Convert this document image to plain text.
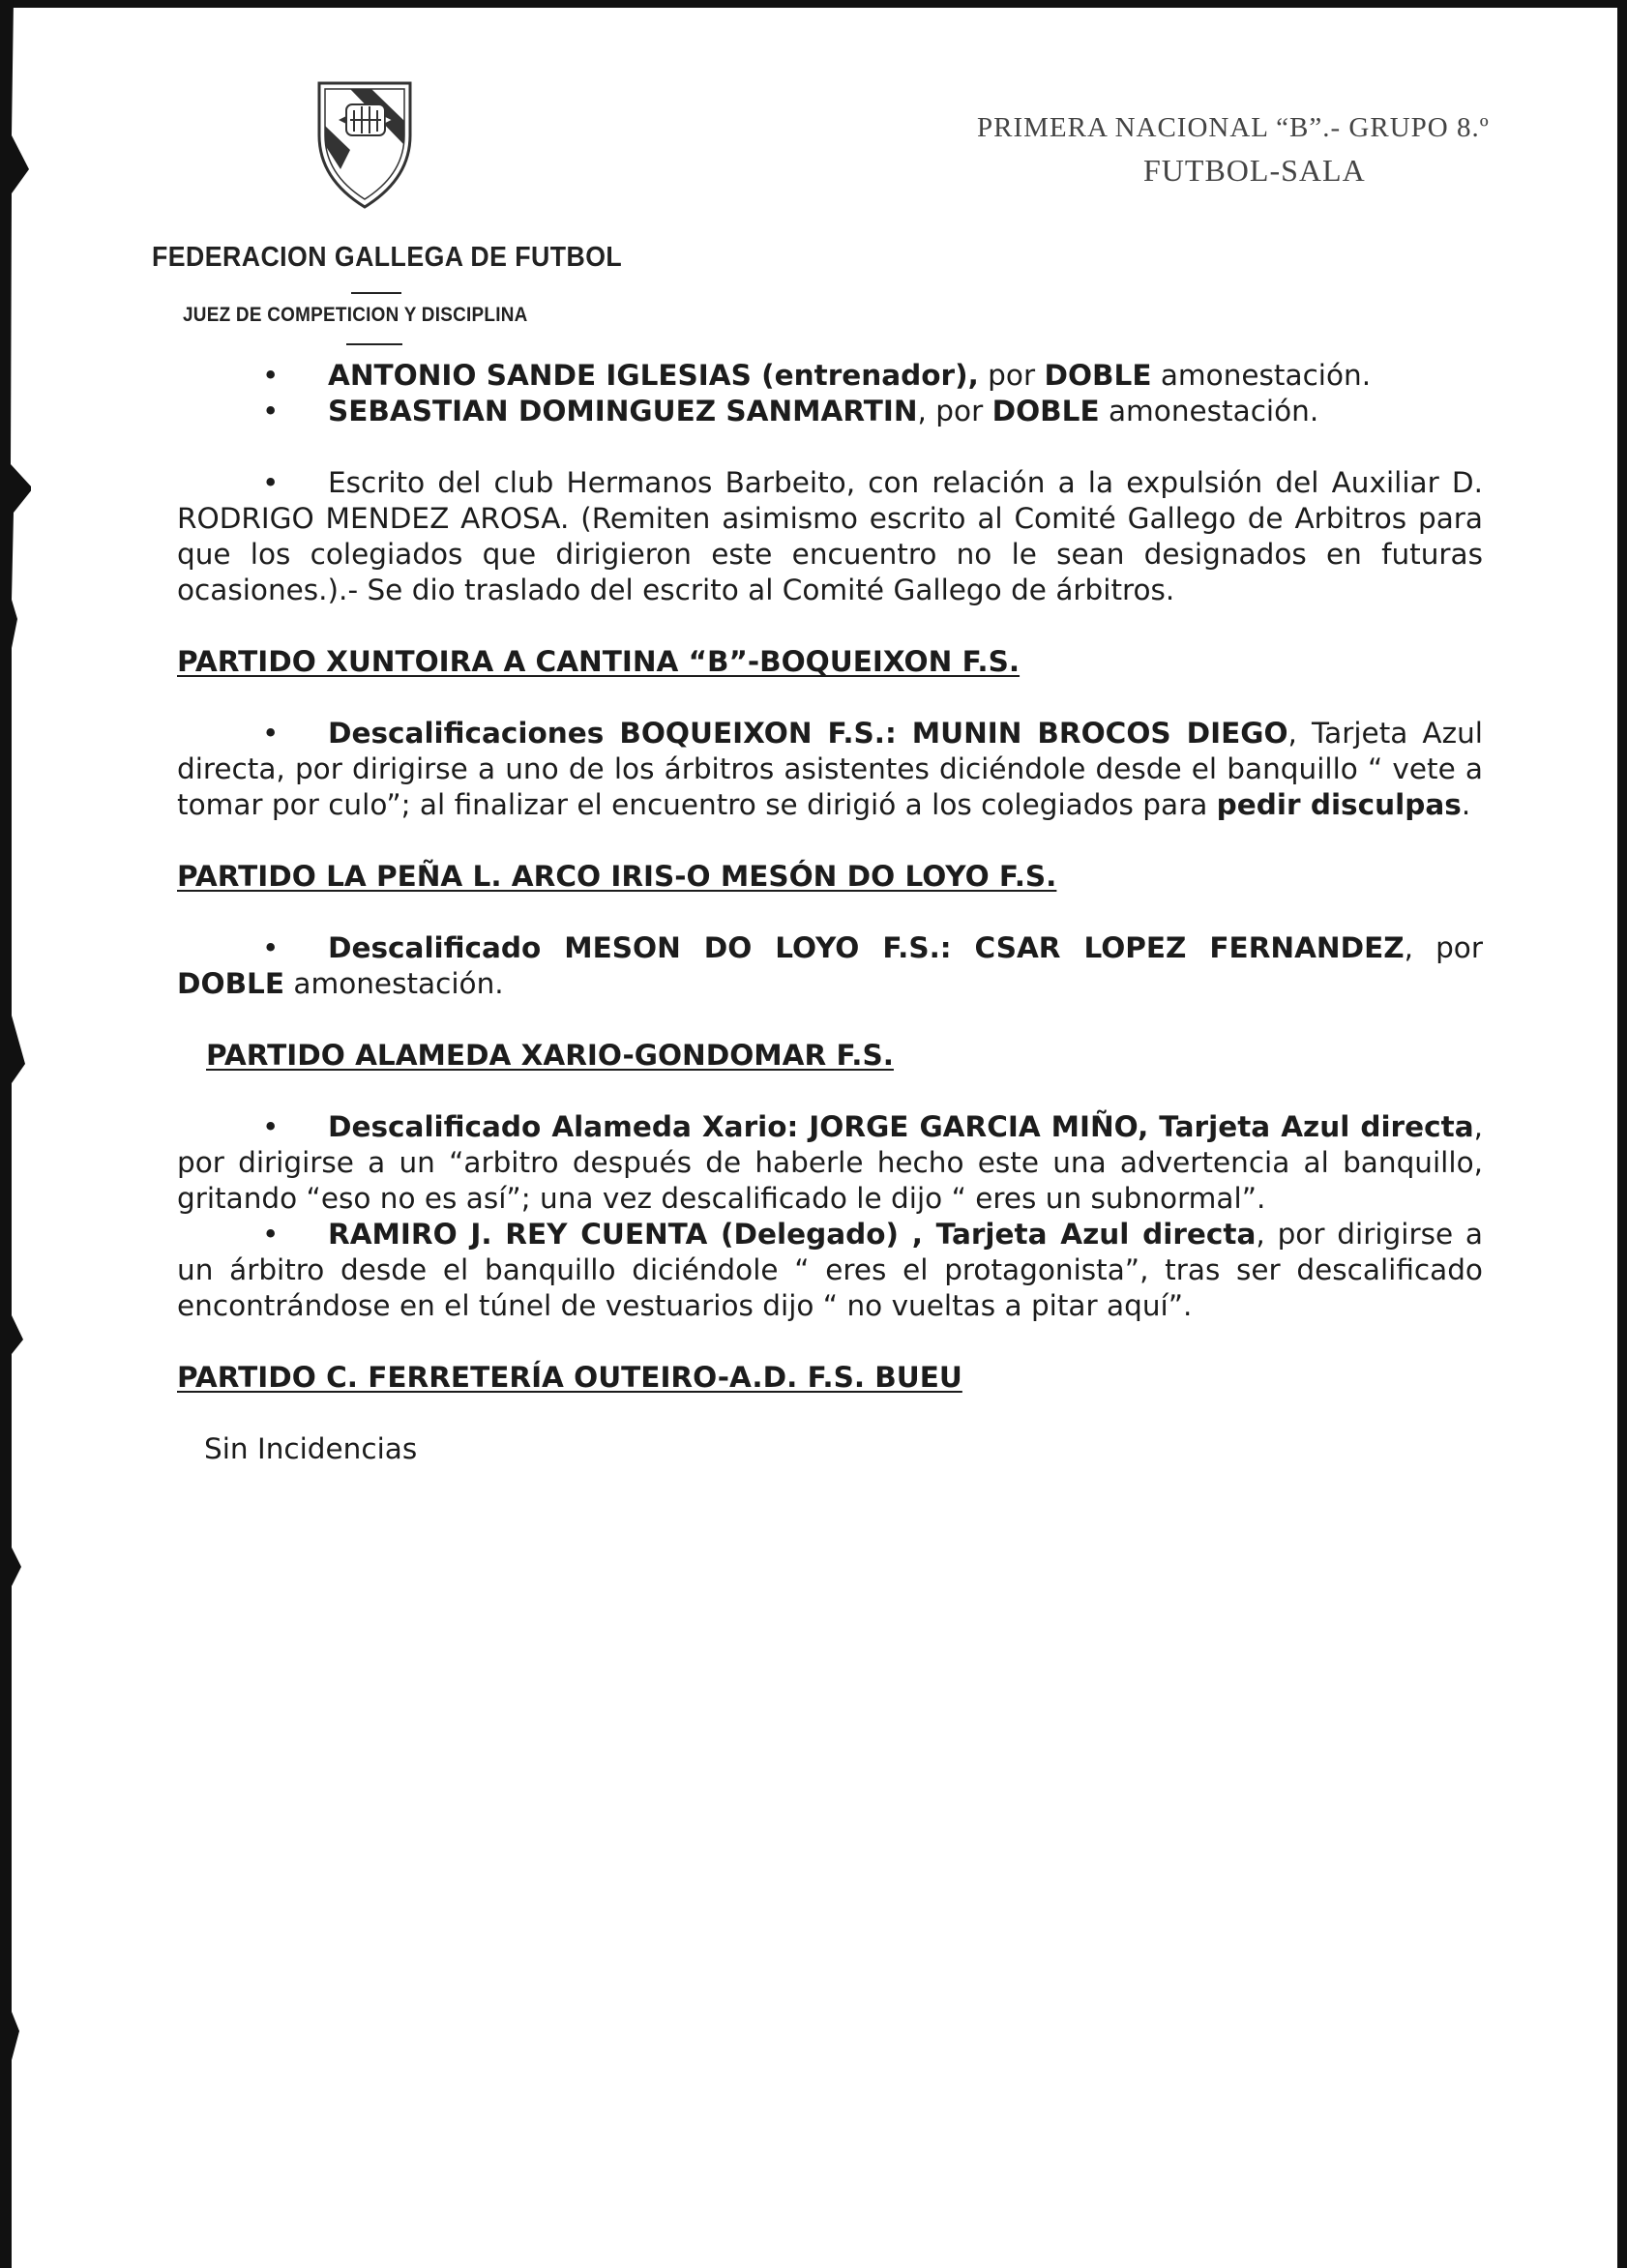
FEDERACION GALLEGA DE FUTBOL
JUEZ DE COMPETICION Y DISCIPLINA
PRIMERA NACIONAL “B”.- GRUPO 8.º
FUTBOL-SALA

• ANTONIO SANDE IGLESIAS (entrenador), por DOBLE amonestación.

• SEBASTIAN DOMINGUEZ SANMARTIN, por DOBLE amonestación.

• Escrito del club Hermanos Barbeito, con relación a la expulsión del Auxiliar D. RODRIGO MENDEZ AROSA. (Remiten asimismo escrito al Comité Gallego de Arbitros para que los colegiados que dirigieron este encuentro no le sean designados en futuras ocasiones.).- Se dio traslado del escrito al Comité Gallego de árbitros.

PARTIDO XUNTOIRA A CANTINA “B”-BOQUEIXON F.S.

• Descalificaciones BOQUEIXON F.S.: MUNIN BROCOS DIEGO, Tarjeta Azul directa, por dirigirse a uno de los árbitros asistentes diciéndole desde el banquillo “ vete a tomar por culo”; al finalizar el encuentro se dirigió a los colegiados para pedir disculpas.

PARTIDO LA PEÑA L. ARCO IRIS-O MESÓN DO LOYO F.S.

• Descalificado MESON DO LOYO F.S.: CSAR LOPEZ FERNANDEZ, por DOBLE amonestación.

PARTIDO ALAMEDA XARIO-GONDOMAR F.S.

• Descalificado Alameda Xario: JORGE GARCIA MIÑO, Tarjeta Azul directa, por dirigirse a un “arbitro después de haberle hecho este una advertencia al banquillo, gritando “eso no es así”; una vez descalificado le dijo “ eres un subnormal”.

• RAMIRO J. REY CUENTA (Delegado) , Tarjeta Azul directa, por dirigirse a un árbitro desde el banquillo diciéndole “ eres el protagonista”, tras ser descalificado encontrándose en el túnel de vestuarios dijo “ no vueltas a pitar aquí”.

PARTIDO C. FERRETERÍA OUTEIRO-A.D. F.S. BUEU

Sin Incidencias
